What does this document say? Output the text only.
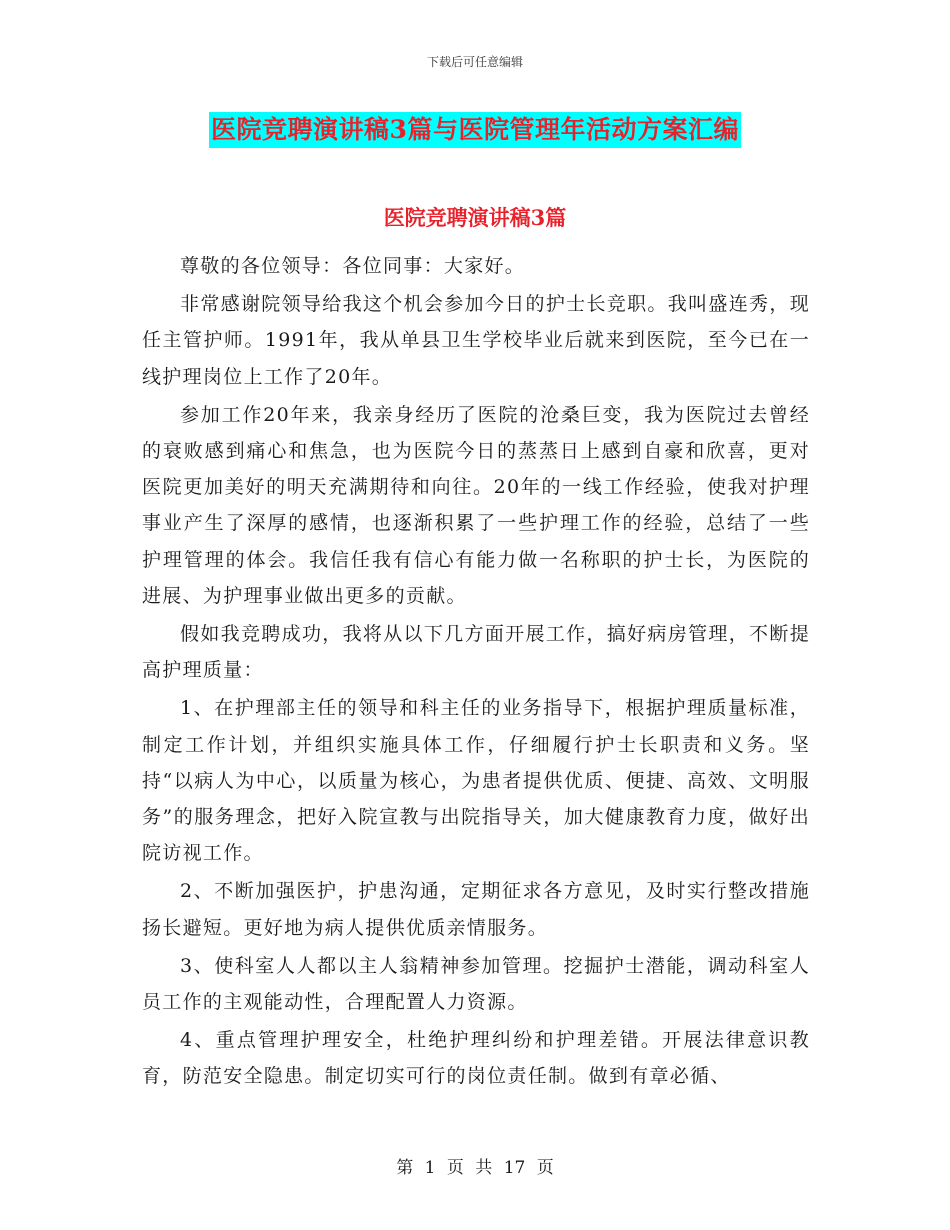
下载后可任意编辑
医院竞聘演讲稿3篇与医院管理年活动方案汇编
医院竞聘演讲稿3篇

尊敬的各位领导：各位同事：大家好。

非常感谢院领导给我这个机会参加今日的护士长竞职。我叫盛连秀，现任主管护师。1991年，我从单县卫生学校毕业后就来到医院，至今已在一线护理岗位上工作了20年。

参加工作20年来，我亲身经历了医院的沧桑巨变，我为医院过去曾经的衰败感到痛心和焦急，也为医院今日的蒸蒸日上感到自豪和欣喜，更对医院更加美好的明天充满期待和向往。20年的一线工作经验，使我对护理事业产生了深厚的感情，也逐渐积累了一些护理工作的经验，总结了一些护理管理的体会。我信任我有信心有能力做一名称职的护士长，为医院的进展、为护理事业做出更多的贡献。

假如我竞聘成功，我将从以下几方面开展工作，搞好病房管理，不断提高护理质量：

1、在护理部主任的领导和科主任的业务指导下，根据护理质量标准，制定工作计划，并组织实施具体工作，仔细履行护士长职责和义务。坚持“以病人为中心，以质量为核心，为患者提供优质、便捷、高效、文明服务”的服务理念，把好入院宣教与出院指导关，加大健康教育力度，做好出院访视工作。

2、不断加强医护，护患沟通，定期征求各方意见，及时实行整改措施扬长避短。更好地为病人提供优质亲情服务。

3、使科室人人都以主人翁精神参加管理。挖掘护士潜能，调动科室人员工作的主观能动性，合理配置人力资源。

4、重点管理护理安全，杜绝护理纠纷和护理差错。开展法律意识教育，防范安全隐患。制定切实可行的岗位责任制。做到有章必循、

第 1 页 共 17 页
